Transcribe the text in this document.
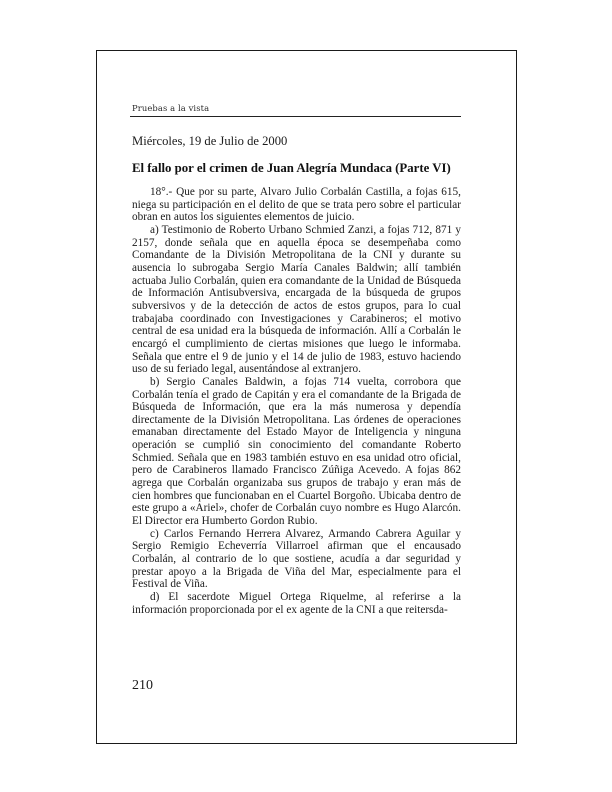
Pruebas a la vista
Miércoles, 19 de Julio de 2000
El fallo por el crimen de Juan Alegría Mundaca (Parte VI)

18°.- Que por su parte, Alvaro Julio Corbalán Castilla, a fojas 615, niega su participación en el delito de que se trata pero sobre el particular obran en autos los siguientes elementos de juicio.

a) Testimonio de Roberto Urbano Schmied Zanzi, a fojas 712, 871 y 2157, donde señala que en aquella época se desempeñaba como Comandante de la División Metropolitana de la CNI y durante su ausencia lo subrogaba Sergio María Canales Baldwin; allí también actuaba Julio Corbalán, quien era comandante de la Unidad de Búsqueda de Información Antisubversiva, encargada de la búsqueda de grupos subversivos y de la detección de actos de estos grupos, para lo cual trabajaba coordinado con Investigaciones y Carabineros; el motivo central de esa unidad era la búsqueda de información. Allí a Corbalán le encargó el cumplimiento de ciertas misiones que luego le informaba. Señala que entre el 9 de junio y el 14 de julio de 1983, estuvo haciendo uso de su feriado legal, ausentándose al extranjero.

b) Sergio Canales Baldwin, a fojas 714 vuelta, corrobora que Corbalán tenía el grado de Capitán y era el comandante de la Brigada de Búsqueda de Información, que era la más numerosa y dependía directamente de la División Metropolitana. Las órdenes de operaciones emanaban directamente del Estado Mayor de Inteligencia y ninguna operación se cumplió sin conocimiento del comandante Roberto Schmied. Señala que en 1983 también estuvo en esa unidad otro oficial, pero de Carabineros llamado Francisco Zúñiga Acevedo. A fojas 862 agrega que Corbalán organizaba sus grupos de trabajo y eran más de cien hombres que funcionaban en el Cuartel Borgoño. Ubicaba dentro de este grupo a «Ariel», chofer de Corbalán cuyo nombre es Hugo Alarcón. El Director era Humberto Gordon Rubio.

c) Carlos Fernando Herrera Alvarez, Armando Cabrera Aguilar y Sergio Remigio Echeverría Villarroel afirman que el encausado Corbalán, al contrario de lo que sostiene, acudía a dar seguridad y prestar apoyo a la Brigada de Viña del Mar, especialmente para el Festival de Viña.

d) El sacerdote Miguel Ortega Riquelme, al referirse a la información proporcionada por el ex agente de la CNI a que reitersda-

210
